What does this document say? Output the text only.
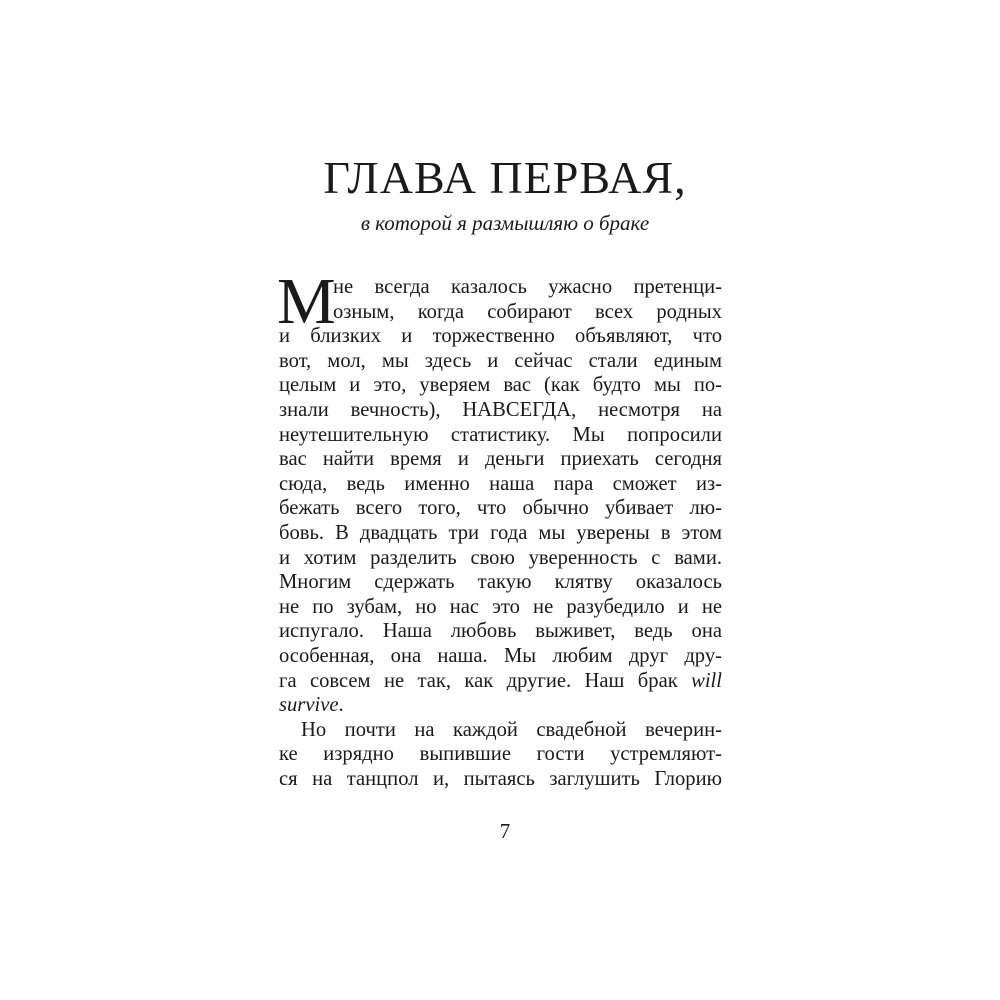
ГЛАВА ПЕРВАЯ,
в которой я размышляю о браке
М
не всегда казалось ужасно претенци-
озным, когда собирают всех родных
и близких и торжественно объявляют, что
вот, мол, мы здесь и сейчас стали единым
целым и это, уверяем вас (как будто мы по-
знали вечность), НАВСЕГДА, несмотря на
неутешительную статистику. Мы попросили
вас найти время и деньги приехать сегодня
сюда, ведь именно наша пара сможет из-
бежать всего того, что обычно убивает лю-
бовь. В двадцать три года мы уверены в этом
и хотим разделить свою уверенность с вами.
Многим сдержать такую клятву оказалось
не по зубам, но нас это не разубедило и не
испугало. Наша любовь выживет, ведь она
особенная, она наша. Мы любим друг дру-
га совсем не так, как другие. Наш брак will
survive.
Но почти на каждой свадебной вечерин-
ке изрядно выпившие гости устремляют-
ся на танцпол и, пытаясь заглушить Глорию
7
